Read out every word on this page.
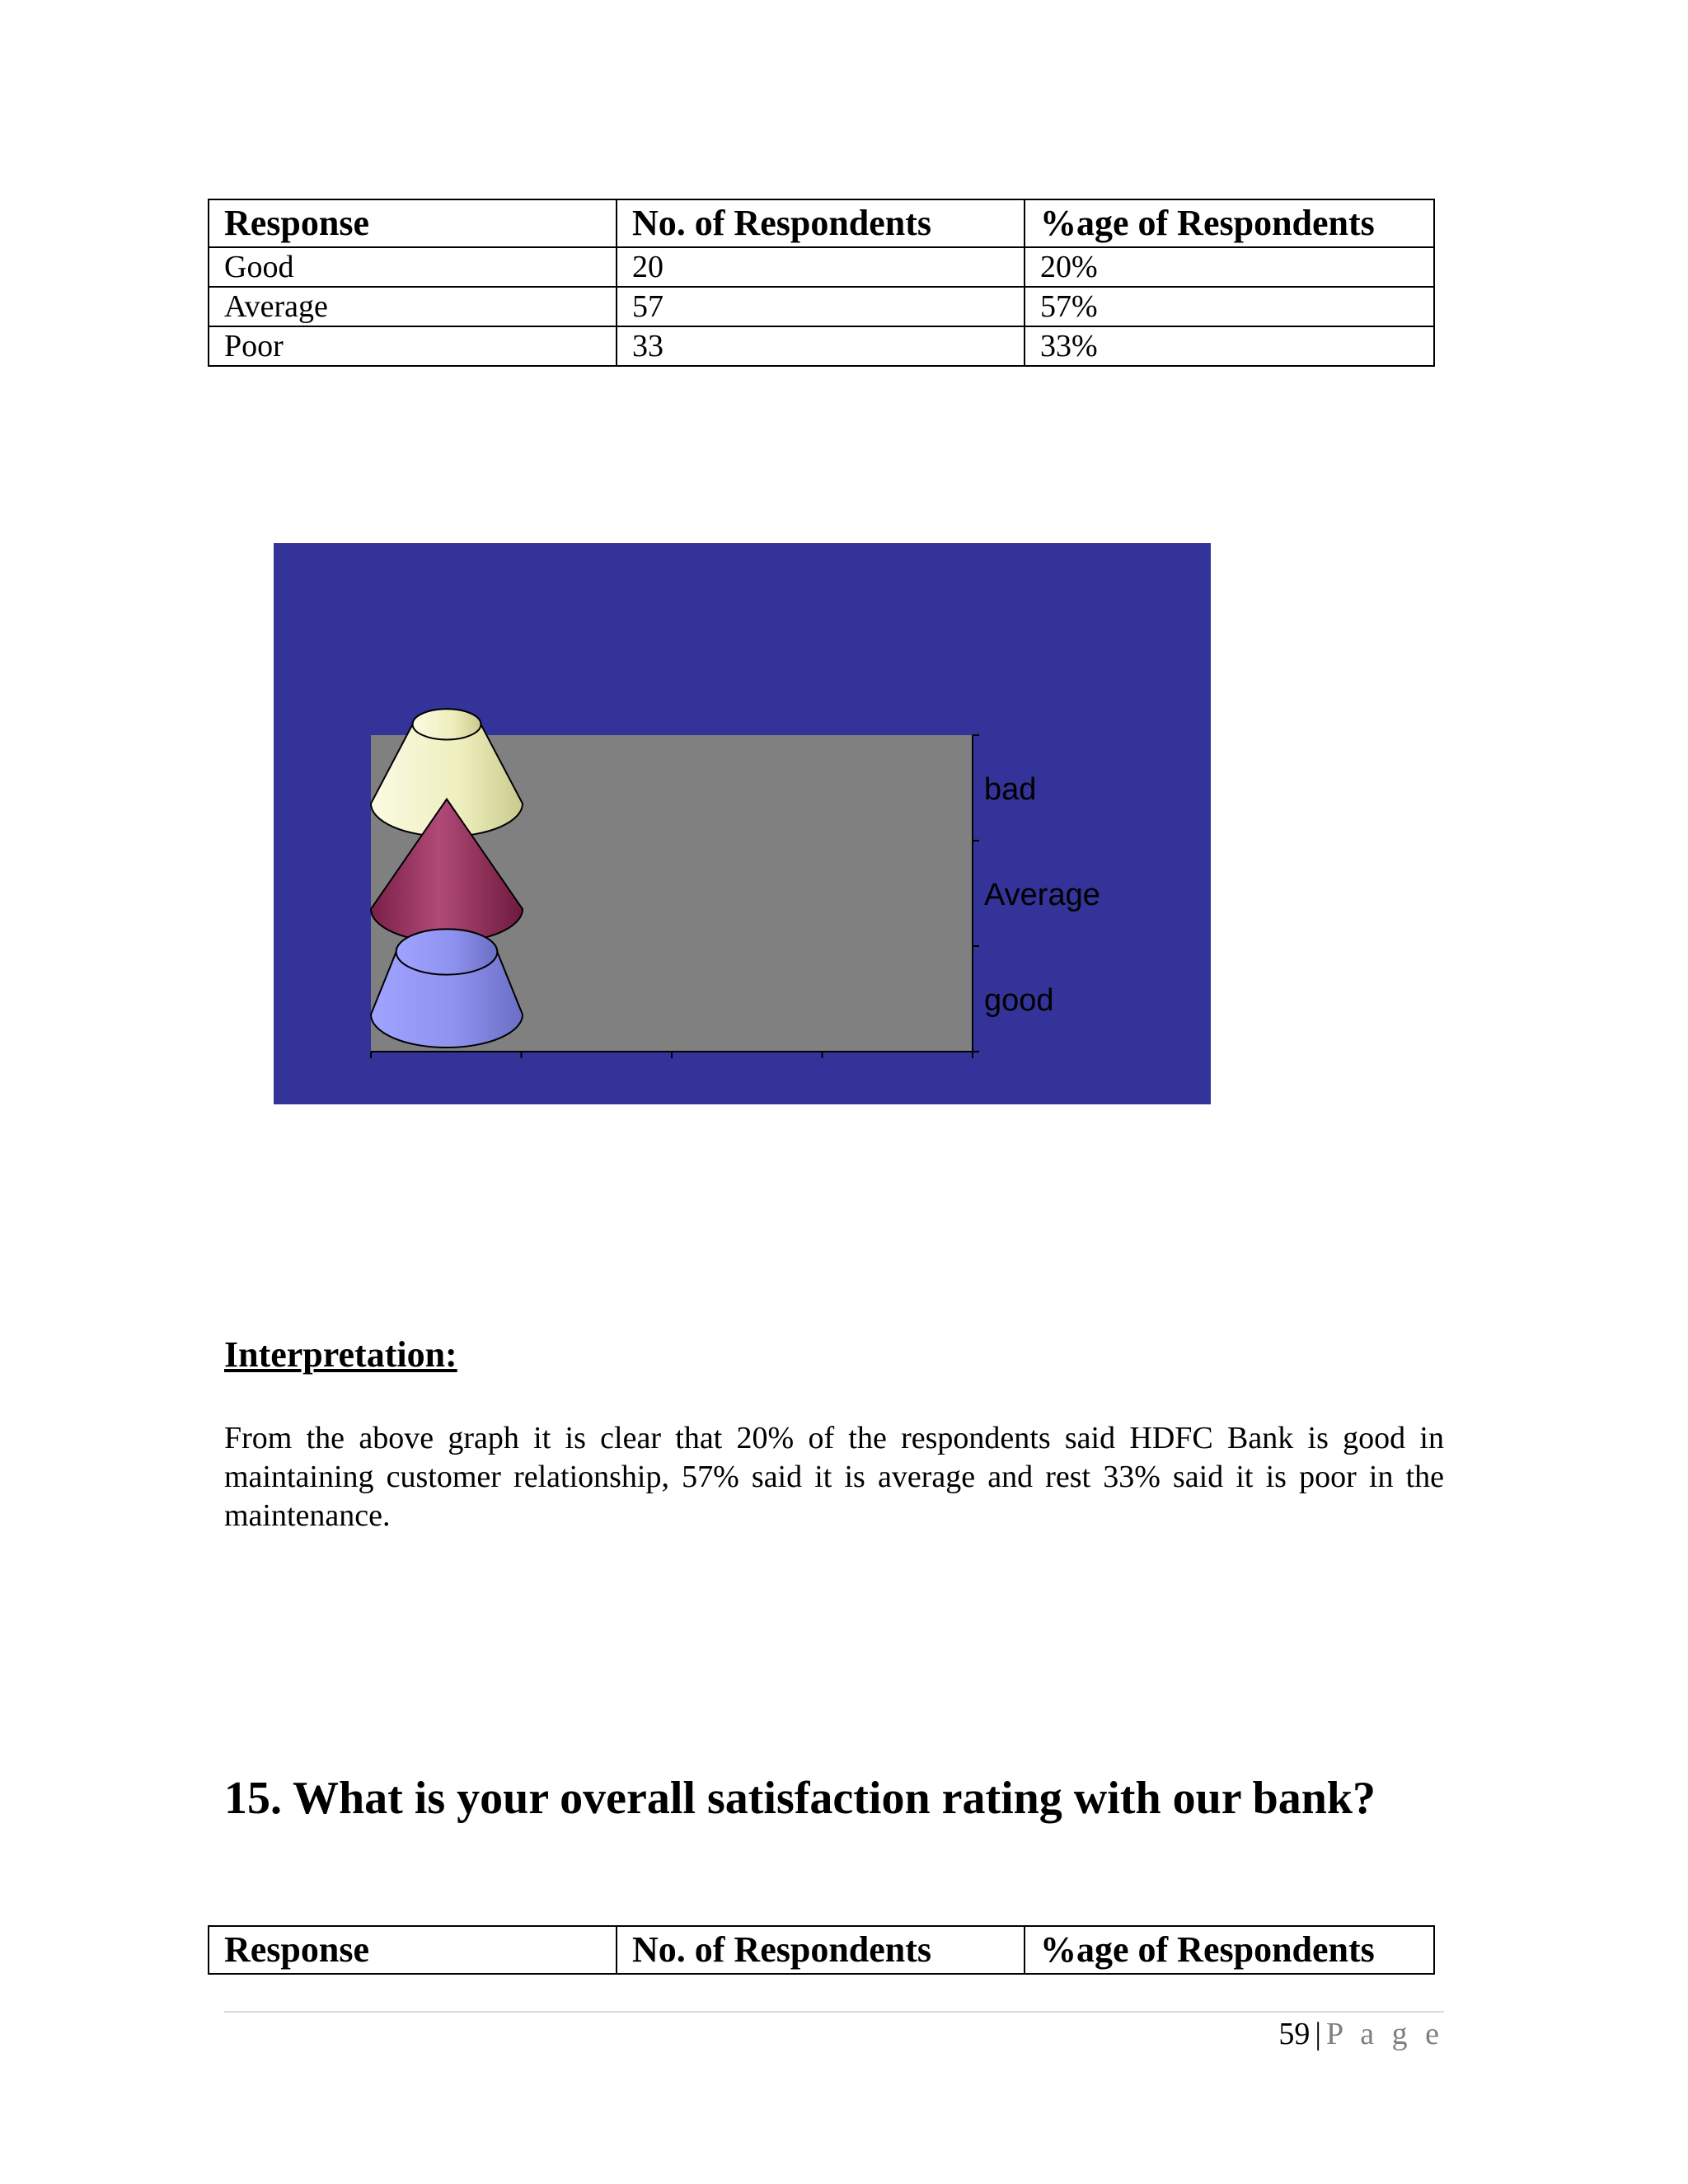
Response	No. of Respondents	%age of Respondents
Good	20	20%
Average	57	57%
Poor	33	33%
good
Average
bad
Interpretation:
From the above graph it is clear that 20% of the respondents said HDFC Bank is good in maintaining customer relationship, 57% said it is average and rest 33% said it is poor in the maintenance.
15. What is your overall satisfaction rating with our bank?
Response	No. of Respondents	%age of Respondents
59 | P a g e
